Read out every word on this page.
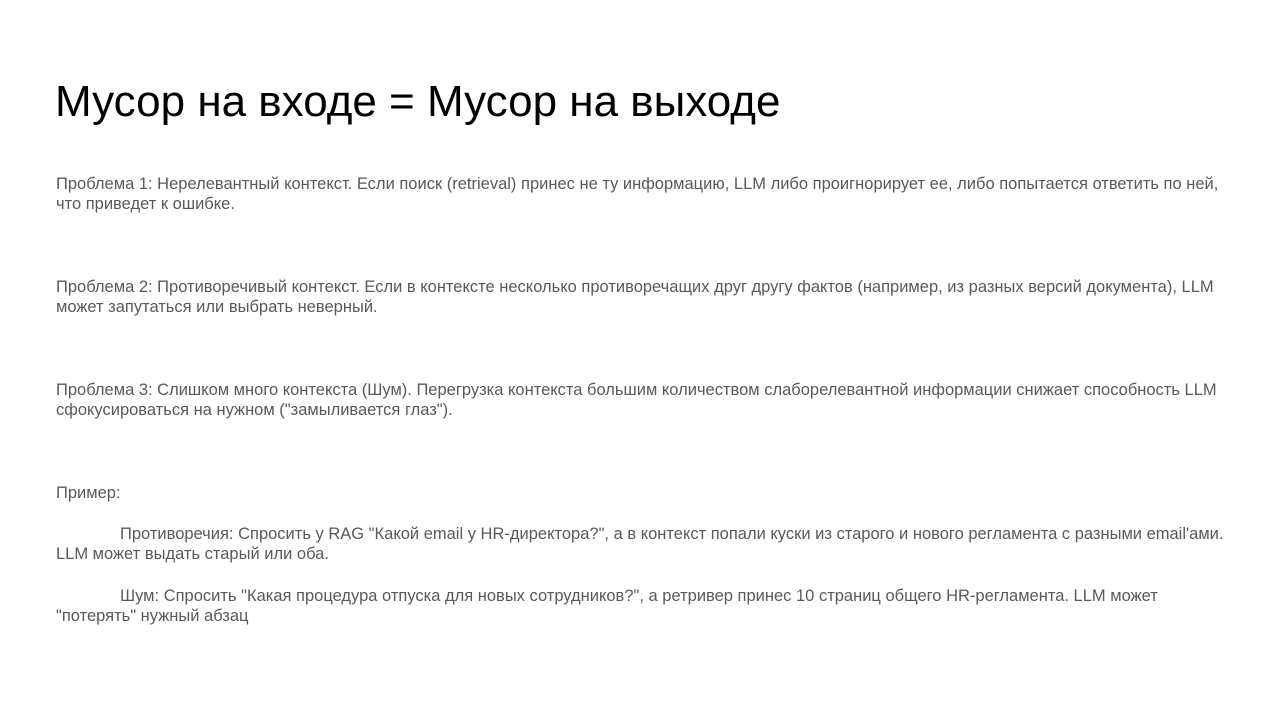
Мусор на входе = Мусор на выходе

Проблема 1: Нерелевантный контекст. Если поиск (retrieval) принес не ту информацию, LLM либо проигнорирует ее, либо попытается ответить по ней, что приведет к ошибке.

Проблема 2: Противоречивый контекст. Если в контексте несколько противоречащих друг другу фактов (например, из разных версий документа), LLM может запутаться или выбрать неверный.

Проблема 3: Слишком много контекста (Шум). Перегрузка контекста большим количеством слаборелевантной информации снижает способность LLM сфокусироваться на нужном ("замыливается глаз").

Пример:

Противоречия: Спросить у RAG "Какой email у HR-директора?", а в контекст попали куски из старого и нового регламента с разными email'ами. LLM может выдать старый или оба.

Шум: Спросить "Какая процедура отпуска для новых сотрудников?", а ретривер принес 10 страниц общего HR-регламента. LLM может "потерять" нужный абзац
